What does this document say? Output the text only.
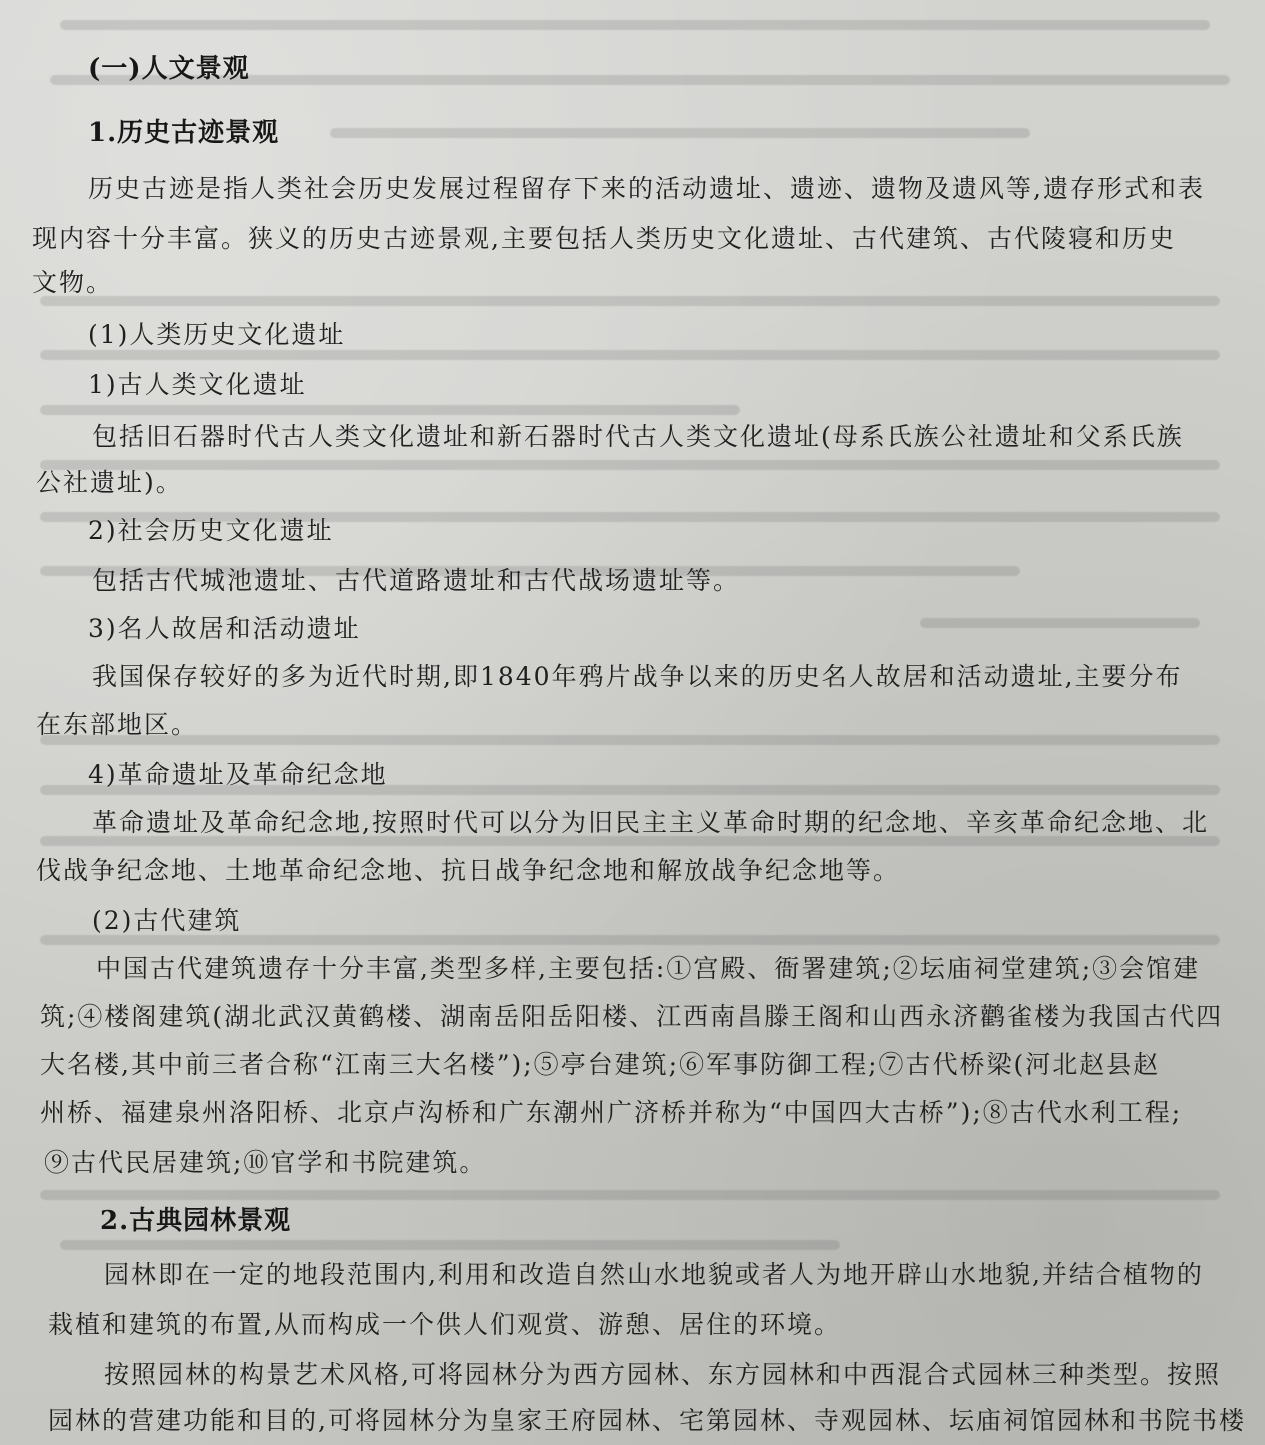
(一)人文景观
1.历史古迹景观
历史古迹是指人类社会历史发展过程留存下来的活动遗址、遗迹、遗物及遗风等,遗存形式和表
现内容十分丰富。狭义的历史古迹景观,主要包括人类历史文化遗址、古代建筑、古代陵寝和历史
文物。
(1)人类历史文化遗址
1)古人类文化遗址
包括旧石器时代古人类文化遗址和新石器时代古人类文化遗址(母系氏族公社遗址和父系氏族
公社遗址)。
2)社会历史文化遗址
包括古代城池遗址、古代道路遗址和古代战场遗址等。
3)名人故居和活动遗址
我国保存较好的多为近代时期,即1840年鸦片战争以来的历史名人故居和活动遗址,主要分布
在东部地区。
4)革命遗址及革命纪念地
革命遗址及革命纪念地,按照时代可以分为旧民主主义革命时期的纪念地、辛亥革命纪念地、北
伐战争纪念地、土地革命纪念地、抗日战争纪念地和解放战争纪念地等。
(2)古代建筑
中国古代建筑遗存十分丰富,类型多样,主要包括:①宫殿、衙署建筑;②坛庙祠堂建筑;③会馆建
筑;④楼阁建筑(湖北武汉黄鹤楼、湖南岳阳岳阳楼、江西南昌滕王阁和山西永济鹳雀楼为我国古代四
大名楼,其中前三者合称“江南三大名楼”);⑤亭台建筑;⑥军事防御工程;⑦古代桥梁(河北赵县赵
州桥、福建泉州洛阳桥、北京卢沟桥和广东潮州广济桥并称为“中国四大古桥”);⑧古代水利工程;
⑨古代民居建筑;⑩官学和书院建筑。
2.古典园林景观
园林即在一定的地段范围内,利用和改造自然山水地貌或者人为地开辟山水地貌,并结合植物的
栽植和建筑的布置,从而构成一个供人们观赏、游憩、居住的环境。
按照园林的构景艺术风格,可将园林分为西方园林、东方园林和中西混合式园林三种类型。按照
园林的营建功能和目的,可将园林分为皇家王府园林、宅第园林、寺观园林、坛庙祠馆园林和书院书楼
